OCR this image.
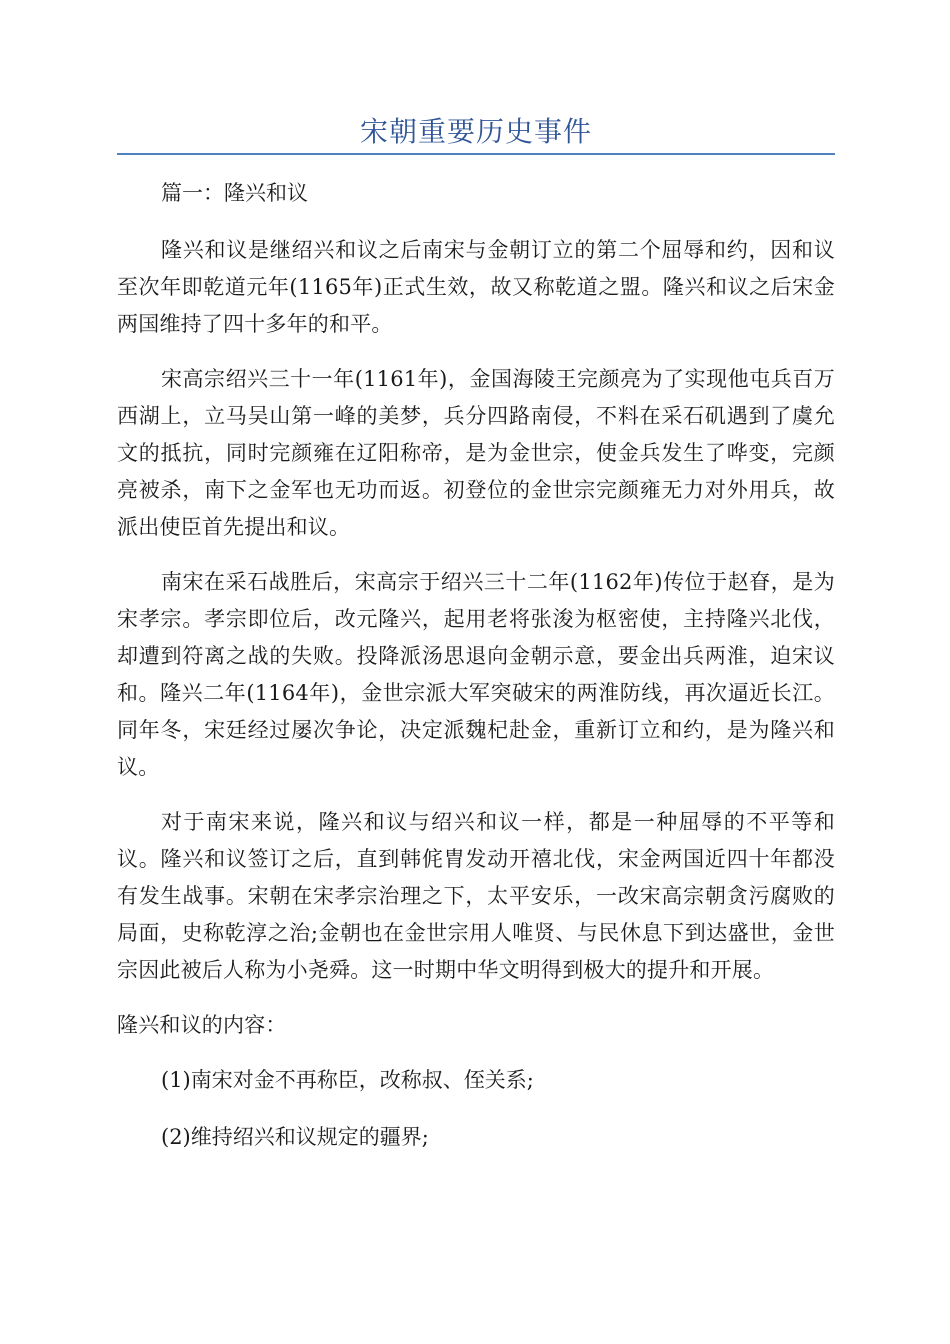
宋朝重要历史事件

篇一：隆兴和议

隆兴和议是继绍兴和议之后南宋与金朝订立的第二个屈辱和约，因和议至次年即乾道元年(1165年)正式生效，故又称乾道之盟。隆兴和议之后宋金两国维持了四十多年的和平。

宋高宗绍兴三十一年(1161年)，金国海陵王完颜亮为了实现他屯兵百万西湖上，立马吴山第一峰的美梦，兵分四路南侵，不料在采石矶遇到了虞允文的抵抗，同时完颜雍在辽阳称帝，是为金世宗，使金兵发生了哗变，完颜亮被杀，南下之金军也无功而返。初登位的金世宗完颜雍无力对外用兵，故派出使臣首先提出和议。

南宋在采石战胜后，宋高宗于绍兴三十二年(1162年)传位于赵眘，是为宋孝宗。孝宗即位后，改元隆兴，起用老将张浚为枢密使，主持隆兴北伐，却遭到符离之战的失败。投降派汤思退向金朝示意，要金出兵两淮，迫宋议和。隆兴二年(1164年)，金世宗派大军突破宋的两淮防线，再次逼近长江。同年冬，宋廷经过屡次争论，决定派魏杞赴金，重新订立和约，是为隆兴和议。

对于南宋来说，隆兴和议与绍兴和议一样，都是一种屈辱的不平等和议。隆兴和议签订之后，直到韩侂胄发动开禧北伐，宋金两国近四十年都没有发生战事。宋朝在宋孝宗治理之下，太平安乐，一改宋高宗朝贪污腐败的局面，史称乾淳之治;金朝也在金世宗用人唯贤、与民休息下到达盛世，金世宗因此被后人称为小尧舜。这一时期中华文明得到极大的提升和开展。

隆兴和议的内容：

(1)南宋对金不再称臣，改称叔、侄关系;

(2)维持绍兴和议规定的疆界;
